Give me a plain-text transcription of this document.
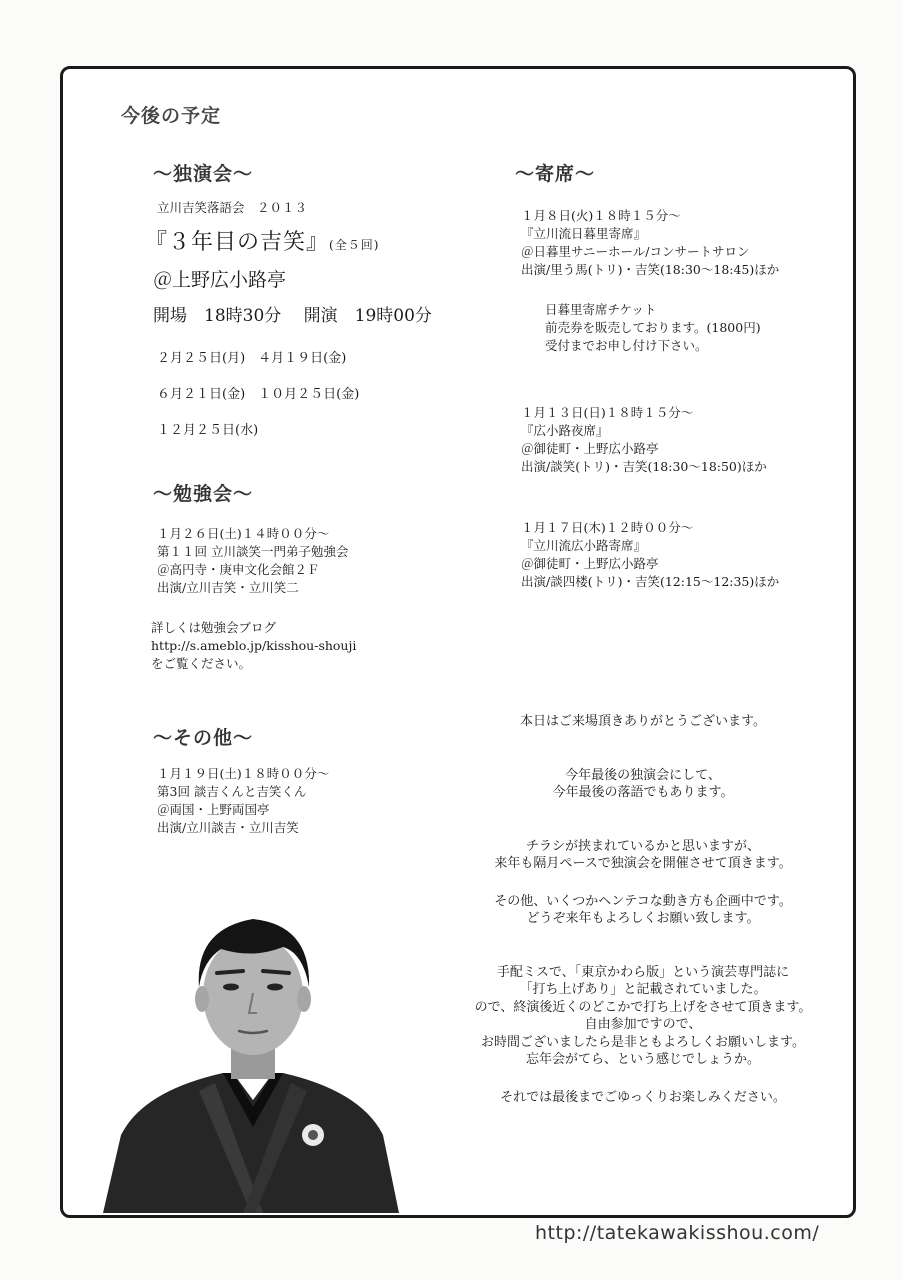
今後の予定
～独演会～
立川吉笑落語会　２０１３
『３年目の吉笑』(全５回)
＠上野広小路亭
開場　18時30分　 開演　19時00分
２月２５日(月)　４月１９日(金)
６月２１日(金)　１０月２５日(金)
１２月２５日(水)
～勉強会～
１月２６日(土)１４時００分～
第１１回 立川談笑一門弟子勉強会
＠高円寺・庚申文化会館２Ｆ
出演/立川吉笑・立川笑二
詳しくは勉強会ブログ
http://s.ameblo.jp/kisshou-shouji
をご覧ください。
～その他～
１月１９日(土)１８時００分～
第3回 談吉くんと吉笑くん
＠両国・上野両国亭
出演/立川談吉・立川吉笑
～寄席～
１月８日(火)１８時１５分～
『立川流日暮里寄席』
＠日暮里サニーホール/コンサートサロン
出演/里う馬(トリ)・吉笑(18:30～18:45)ほか
日暮里寄席チケット
前売券を販売しております。(1800円)
受付までお申し付け下さい。
１月１３日(日)１８時１５分～
『広小路夜席』
＠御徒町・上野広小路亭
出演/談笑(トリ)・吉笑(18:30～18:50)ほか
１月１７日(木)１２時００分～
『立川流広小路寄席』
＠御徒町・上野広小路亭
出演/談四楼(トリ)・吉笑(12:15～12:35)ほか
本日はご来場頂きありがとうございます。
今年最後の独演会にして、
今年最後の落語でもあります。
チラシが挟まれているかと思いますが、
来年も隔月ペースで独演会を開催させて頂きます。
その他、いくつかヘンテコな動き方も企画中です。
どうぞ来年もよろしくお願い致します。
手配ミスで、「東京かわら版」という演芸専門誌に
「打ち上げあり」と記載されていました。
ので、終演後近くのどこかで打ち上げをさせて頂きます。
自由参加ですので、
お時間ございましたら是非ともよろしくお願いします。
忘年会がてら、という感じでしょうか。
それでは最後までごゆっくりお楽しみください。
http://tatekawakisshou.com/
